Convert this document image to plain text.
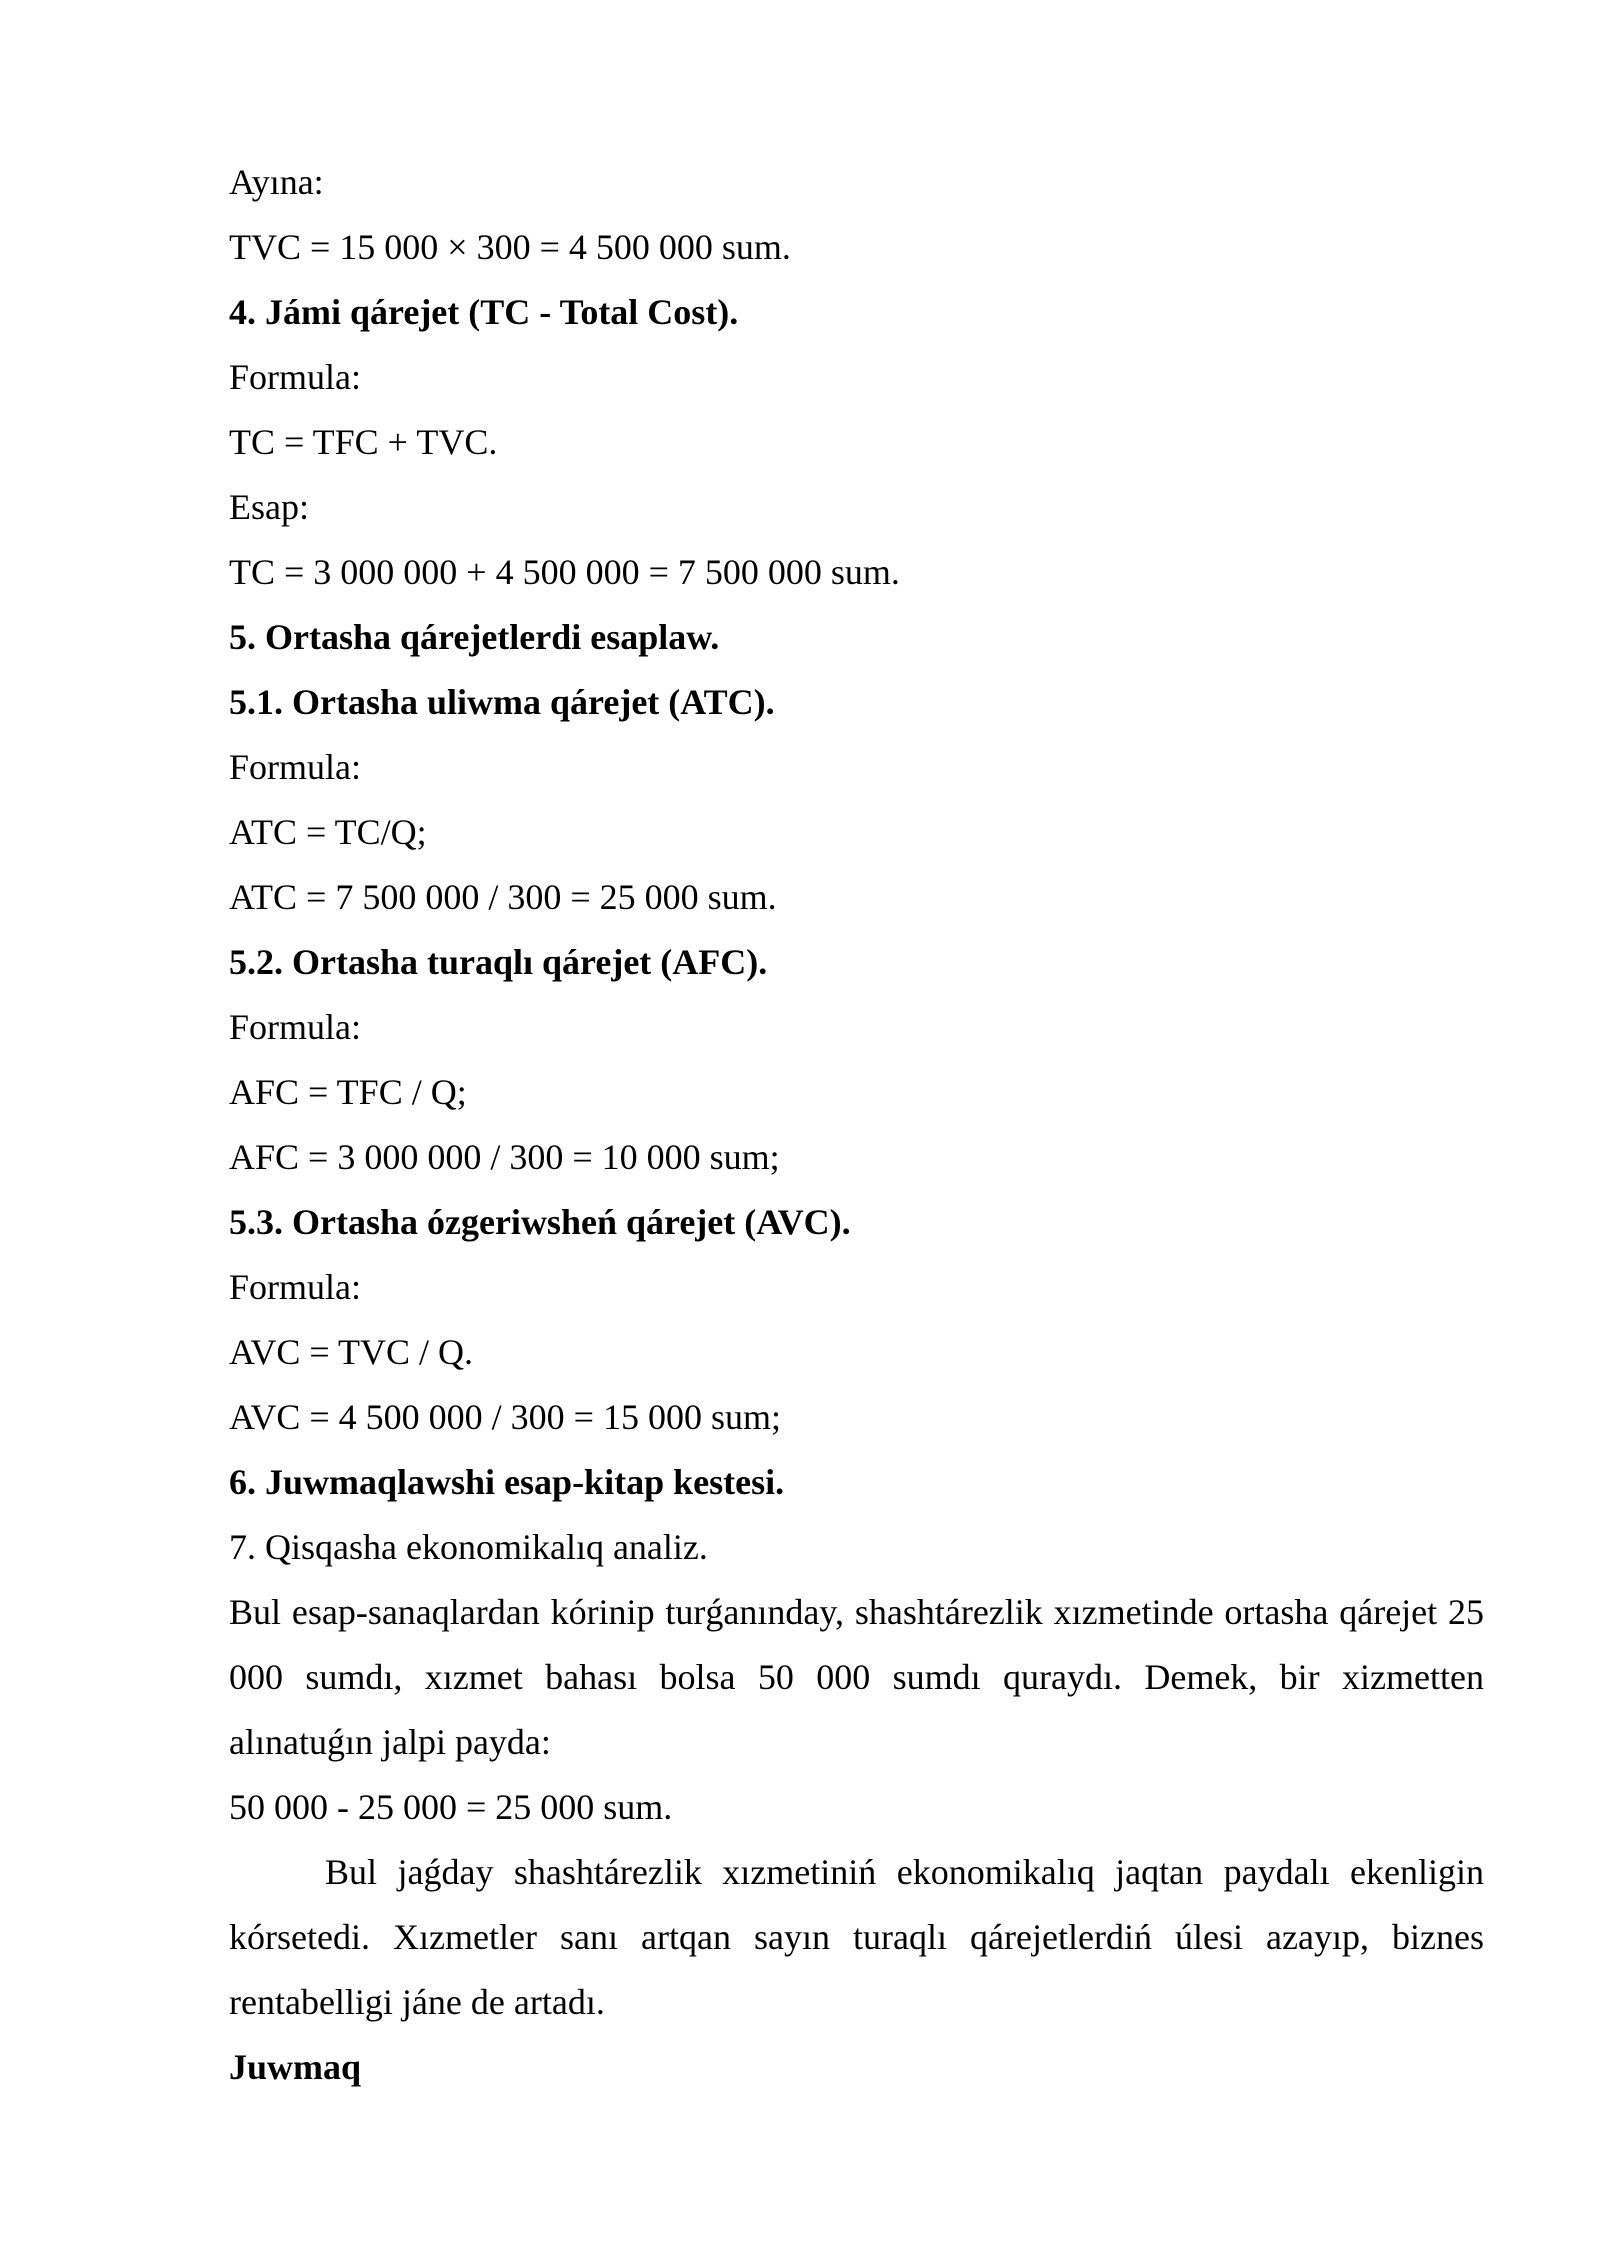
Ayına:
TVC = 15 000 × 300 = 4 500 000 sum.
4. Jámi qárejet (TC - Total Cost).
Formula:
TC = TFC + TVC.
Esap:
TC = 3 000 000 + 4 500 000 = 7 500 000 sum.
5. Ortasha qárejetlerdi esaplaw.
5.1. Ortasha uliwma qárejet (ATC).
Formula:
ATC = TC/Q;
ATC = 7 500 000 / 300 = 25 000 sum.
5.2. Ortasha turaqlı qárejet (AFC).
Formula:
AFC = TFC / Q;
AFC = 3 000 000 / 300 = 10 000 sum;
5.3. Ortasha ózgeriwsheń qárejet (AVC).
Formula:
AVC = TVC / Q.
AVC = 4 500 000 / 300 = 15 000 sum;
6. Juwmaqlawshi esap-kitap kestesi.
7. Qisqasha ekonomikalıq analiz.

Bul esap-sanaqlardan kórinip turǵanınday, shashtárezlik xızmetinde ortasha qárejet 25 000 sumdı, xızmet bahası bolsa 50 000 sumdı quraydı. Demek, bir xizmetten alınatuǵın jalpi payda:

50 000 - 25 000 = 25 000 sum.

Bul jaǵday shashtárezlik xızmetiniń ekonomikalıq jaqtan paydalı ekenligin kórsetedi. Xızmetler sanı artqan sayın turaqlı qárejetlerdiń úlesi azayıp, biznes rentabelligi jáne de artadı.

Juwmaq
